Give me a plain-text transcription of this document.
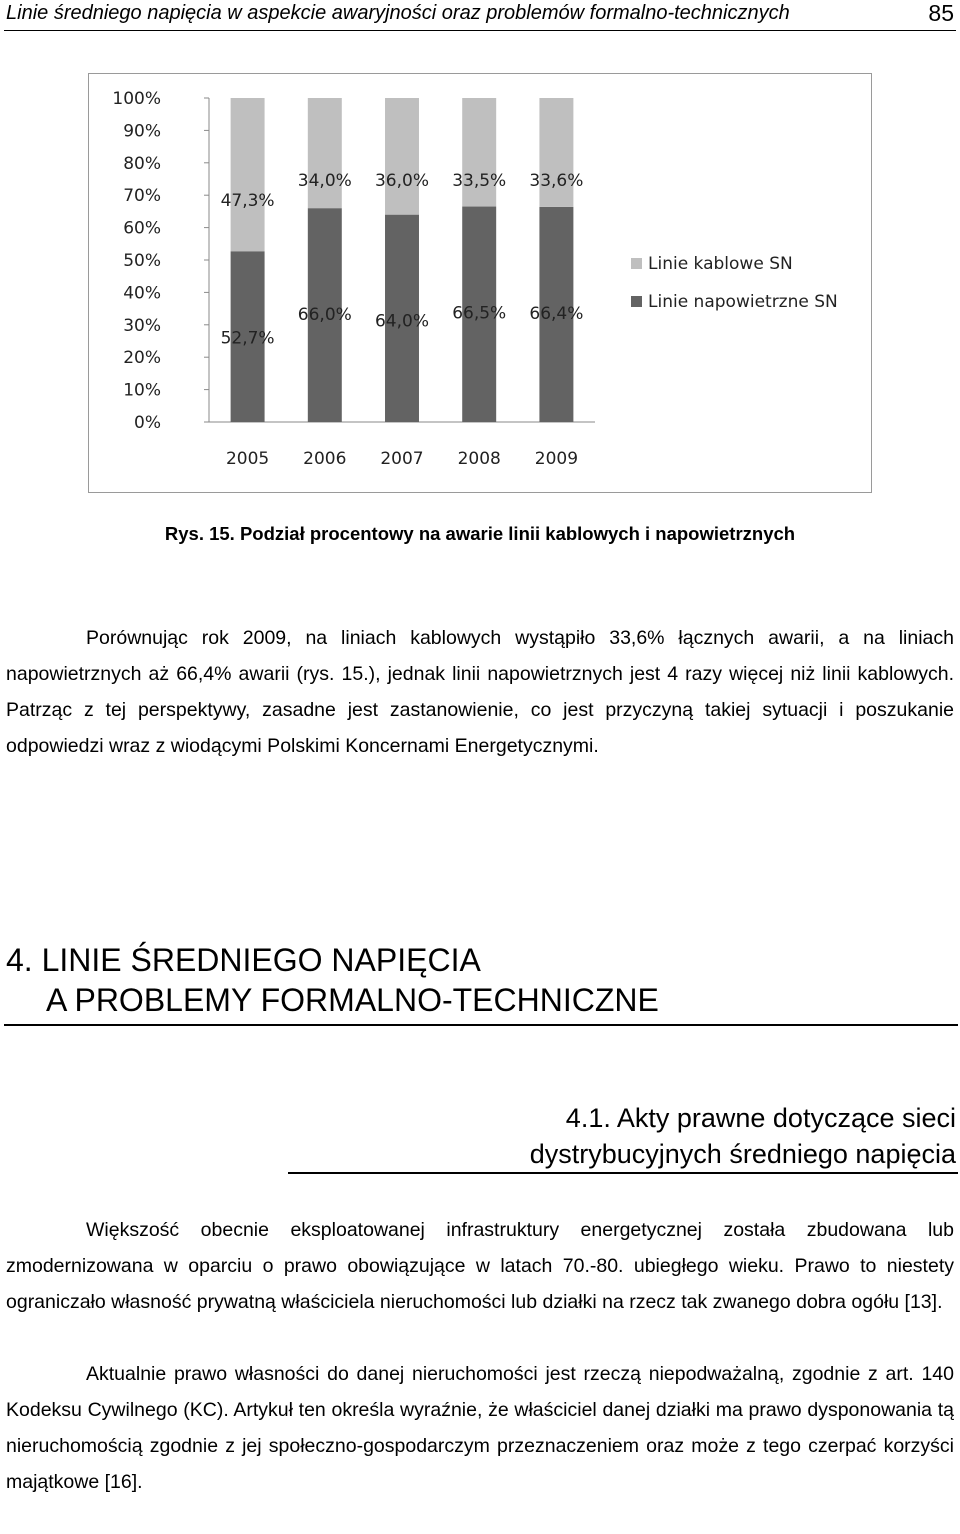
Linie średniego napięcia w aspekcie awaryjności oraz problemów formalno-technicznych	85
0%
10%
20%
30%
40%
50%
60%
70%
80%
90%
100%
52,7%
47,3%
2005
66,0%
34,0%
2006
64,0%
36,0%
2007
66,5%
33,5%
2008
66,4%
33,6%
2009
Linie kablowe SN
Linie napowietrzne SN
Rys. 15. Podział procentowy na awarie linii kablowych i napowietrznych

Porównując rok 2009, na liniach kablowych wystąpiło 33,6% łącznych awarii, a na liniach napowietrznych aż 66,4% awarii (rys. 15.), jednak linii napowietrznych jest 4 razy więcej niż linii kablowych. Patrząc z tej perspektywy, zasadne jest zastanowienie, co jest przyczyną takiej sytuacji i poszukanie odpowiedzi wraz z wiodącymi Polskimi Koncernami Energetycznymi.

4. LINIE ŚREDNIEGO NAPIĘCIA
A PROBLEMY FORMALNO-TECHNICZNE
4.1. Akty prawne dotyczące sieci
dystrybucyjnych średniego napięcia

Większość obecnie eksploatowanej infrastruktury energetycznej została zbudowana lub zmodernizowana w oparciu o prawo obowiązujące w latach 70.-80. ubiegłego wieku. Prawo to niestety ograniczało własność prywatną właściciela nieruchomości lub działki na rzecz tak zwanego dobra ogółu [13].

Aktualnie prawo własności do danej nieruchomości jest rzeczą niepodważalną, zgodnie z art. 140 Kodeksu Cywilnego (KC). Artykuł ten określa wyraźnie, że właściciel danej działki ma prawo dysponowania tą nieruchomością zgodnie z jej społeczno-gospodarczym przeznaczeniem oraz może z tego czerpać korzyści majątkowe [16].
